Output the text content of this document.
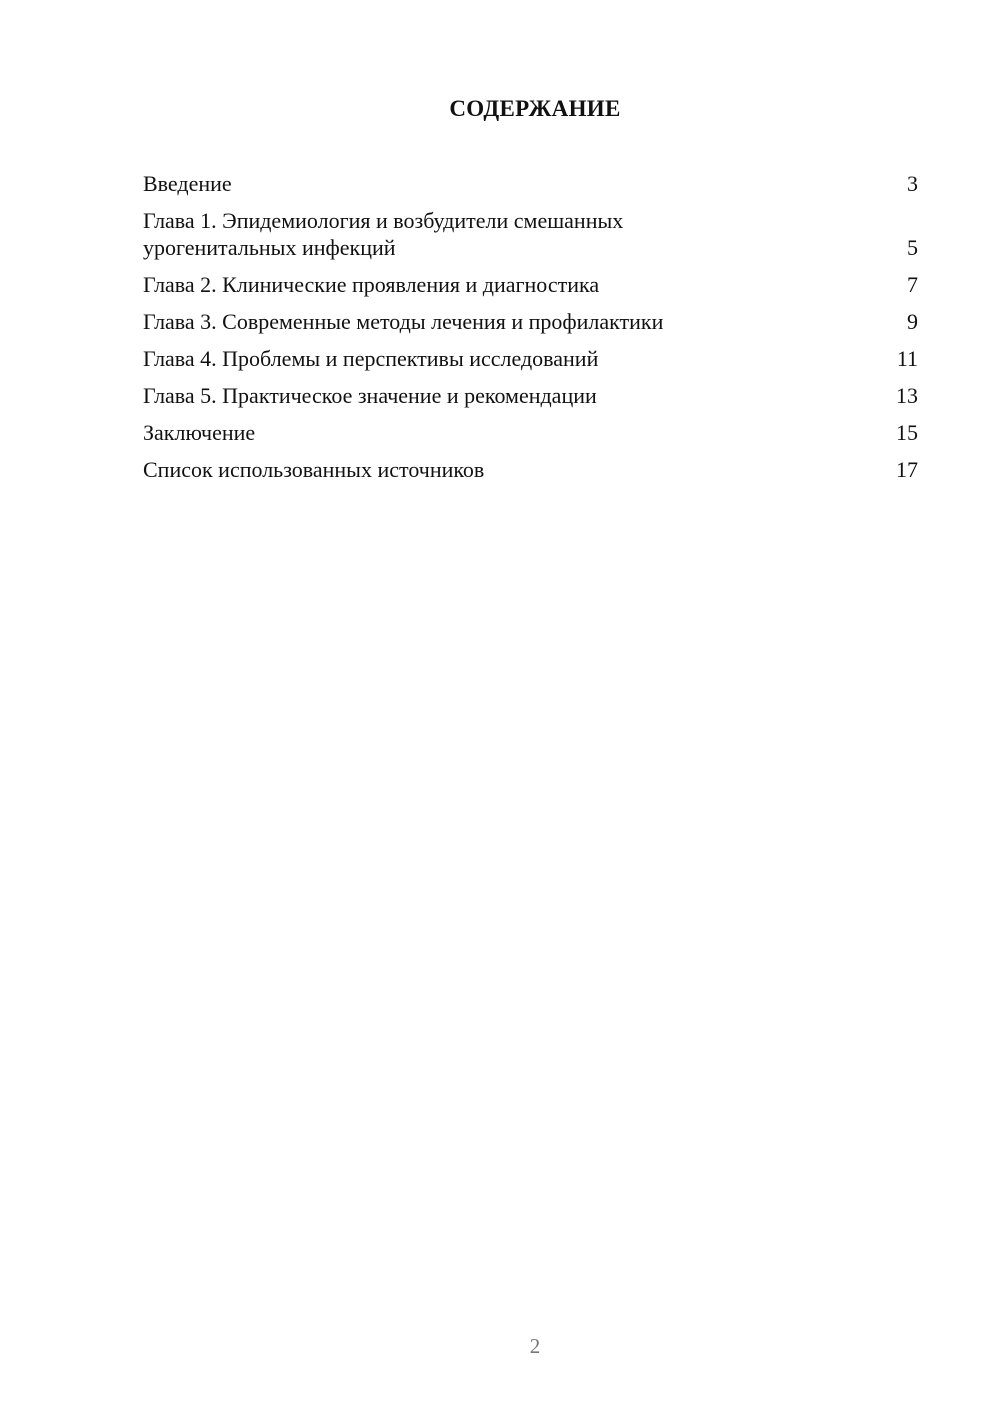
СОДЕРЖАНИЕ
Введение	3
Глава 1. Эпидемиология и возбудители смешанных урогенитальных инфекций	5
Глава 2. Клинические проявления и диагностика	7
Глава 3. Современные методы лечения и профилактики	9
Глава 4. Проблемы и перспективы исследований	11
Глава 5. Практическое значение и рекомендации	13
Заключение	15
Список использованных источников	17
2
